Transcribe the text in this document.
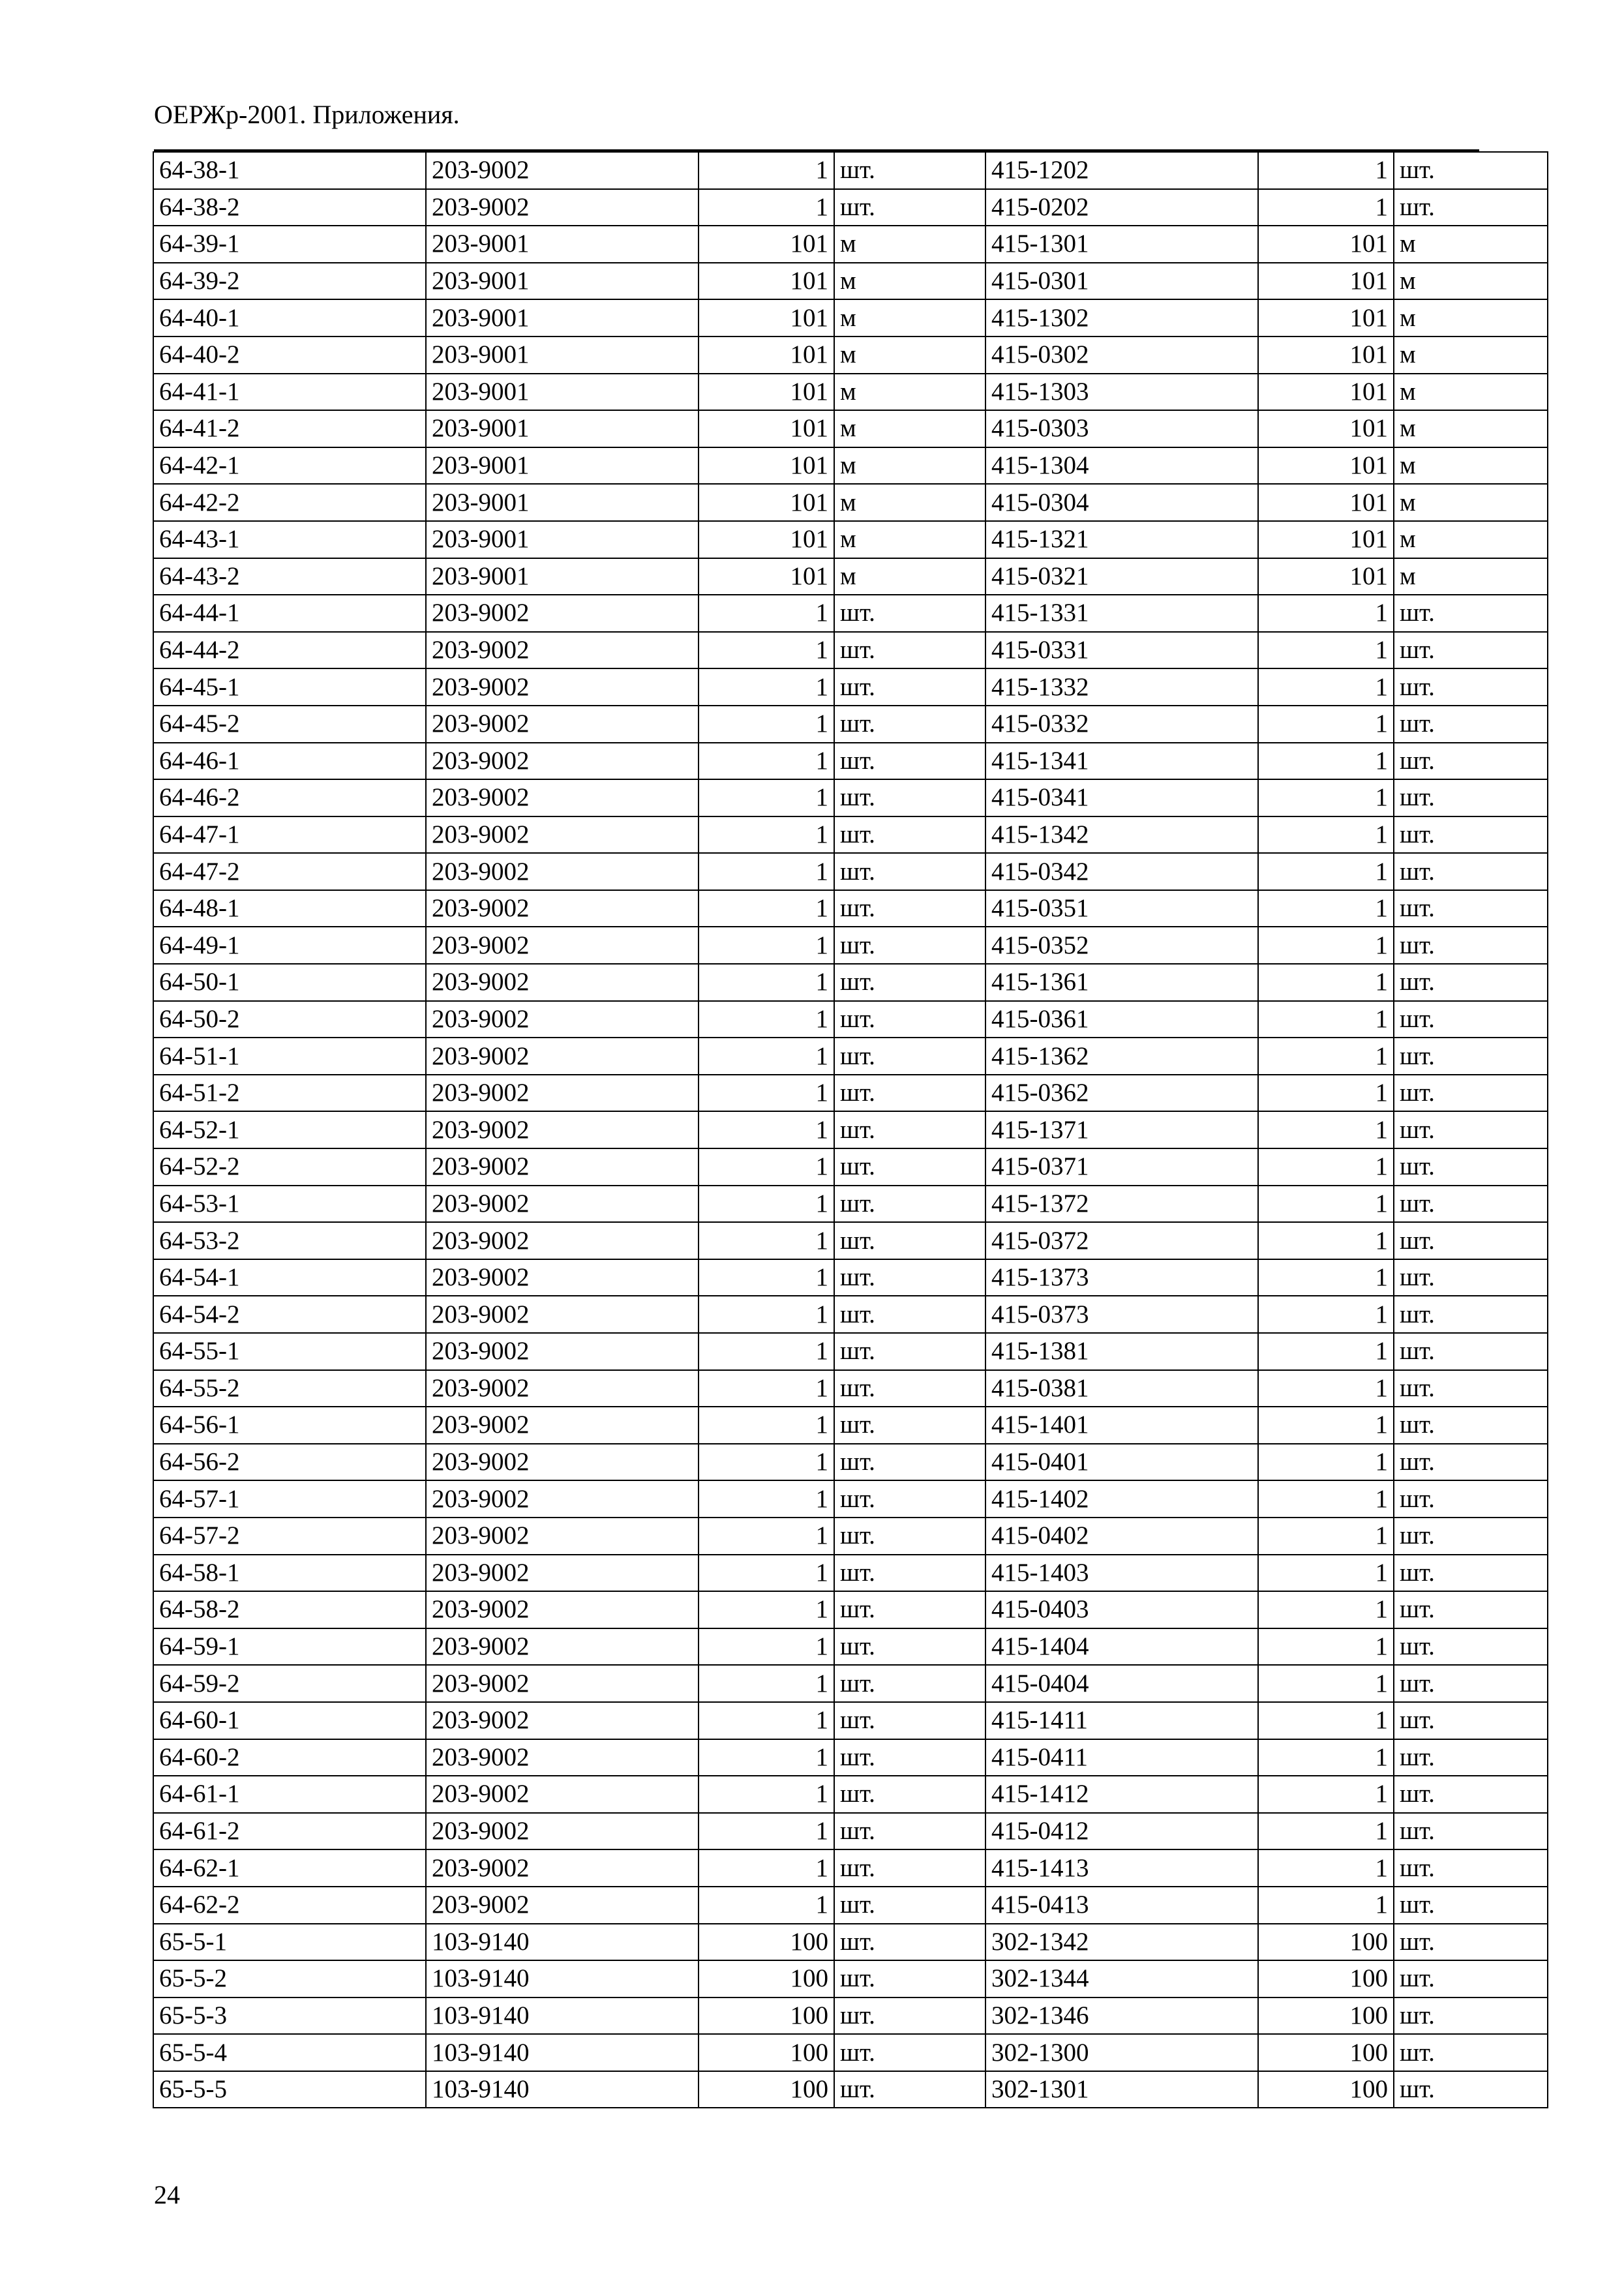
ОЕРЖр-2001. Приложения.
64-38-1	203-9002	1	шт.	415-1202	1	шт.
64-38-2	203-9002	1	шт.	415-0202	1	шт.
64-39-1	203-9001	101	м	415-1301	101	м
64-39-2	203-9001	101	м	415-0301	101	м
64-40-1	203-9001	101	м	415-1302	101	м
64-40-2	203-9001	101	м	415-0302	101	м
64-41-1	203-9001	101	м	415-1303	101	м
64-41-2	203-9001	101	м	415-0303	101	м
64-42-1	203-9001	101	м	415-1304	101	м
64-42-2	203-9001	101	м	415-0304	101	м
64-43-1	203-9001	101	м	415-1321	101	м
64-43-2	203-9001	101	м	415-0321	101	м
64-44-1	203-9002	1	шт.	415-1331	1	шт.
64-44-2	203-9002	1	шт.	415-0331	1	шт.
64-45-1	203-9002	1	шт.	415-1332	1	шт.
64-45-2	203-9002	1	шт.	415-0332	1	шт.
64-46-1	203-9002	1	шт.	415-1341	1	шт.
64-46-2	203-9002	1	шт.	415-0341	1	шт.
64-47-1	203-9002	1	шт.	415-1342	1	шт.
64-47-2	203-9002	1	шт.	415-0342	1	шт.
64-48-1	203-9002	1	шт.	415-0351	1	шт.
64-49-1	203-9002	1	шт.	415-0352	1	шт.
64-50-1	203-9002	1	шт.	415-1361	1	шт.
64-50-2	203-9002	1	шт.	415-0361	1	шт.
64-51-1	203-9002	1	шт.	415-1362	1	шт.
64-51-2	203-9002	1	шт.	415-0362	1	шт.
64-52-1	203-9002	1	шт.	415-1371	1	шт.
64-52-2	203-9002	1	шт.	415-0371	1	шт.
64-53-1	203-9002	1	шт.	415-1372	1	шт.
64-53-2	203-9002	1	шт.	415-0372	1	шт.
64-54-1	203-9002	1	шт.	415-1373	1	шт.
64-54-2	203-9002	1	шт.	415-0373	1	шт.
64-55-1	203-9002	1	шт.	415-1381	1	шт.
64-55-2	203-9002	1	шт.	415-0381	1	шт.
64-56-1	203-9002	1	шт.	415-1401	1	шт.
64-56-2	203-9002	1	шт.	415-0401	1	шт.
64-57-1	203-9002	1	шт.	415-1402	1	шт.
64-57-2	203-9002	1	шт.	415-0402	1	шт.
64-58-1	203-9002	1	шт.	415-1403	1	шт.
64-58-2	203-9002	1	шт.	415-0403	1	шт.
64-59-1	203-9002	1	шт.	415-1404	1	шт.
64-59-2	203-9002	1	шт.	415-0404	1	шт.
64-60-1	203-9002	1	шт.	415-1411	1	шт.
64-60-2	203-9002	1	шт.	415-0411	1	шт.
64-61-1	203-9002	1	шт.	415-1412	1	шт.
64-61-2	203-9002	1	шт.	415-0412	1	шт.
64-62-1	203-9002	1	шт.	415-1413	1	шт.
64-62-2	203-9002	1	шт.	415-0413	1	шт.
65-5-1	103-9140	100	шт.	302-1342	100	шт.
65-5-2	103-9140	100	шт.	302-1344	100	шт.
65-5-3	103-9140	100	шт.	302-1346	100	шт.
65-5-4	103-9140	100	шт.	302-1300	100	шт.
65-5-5	103-9140	100	шт.	302-1301	100	шт.
24
